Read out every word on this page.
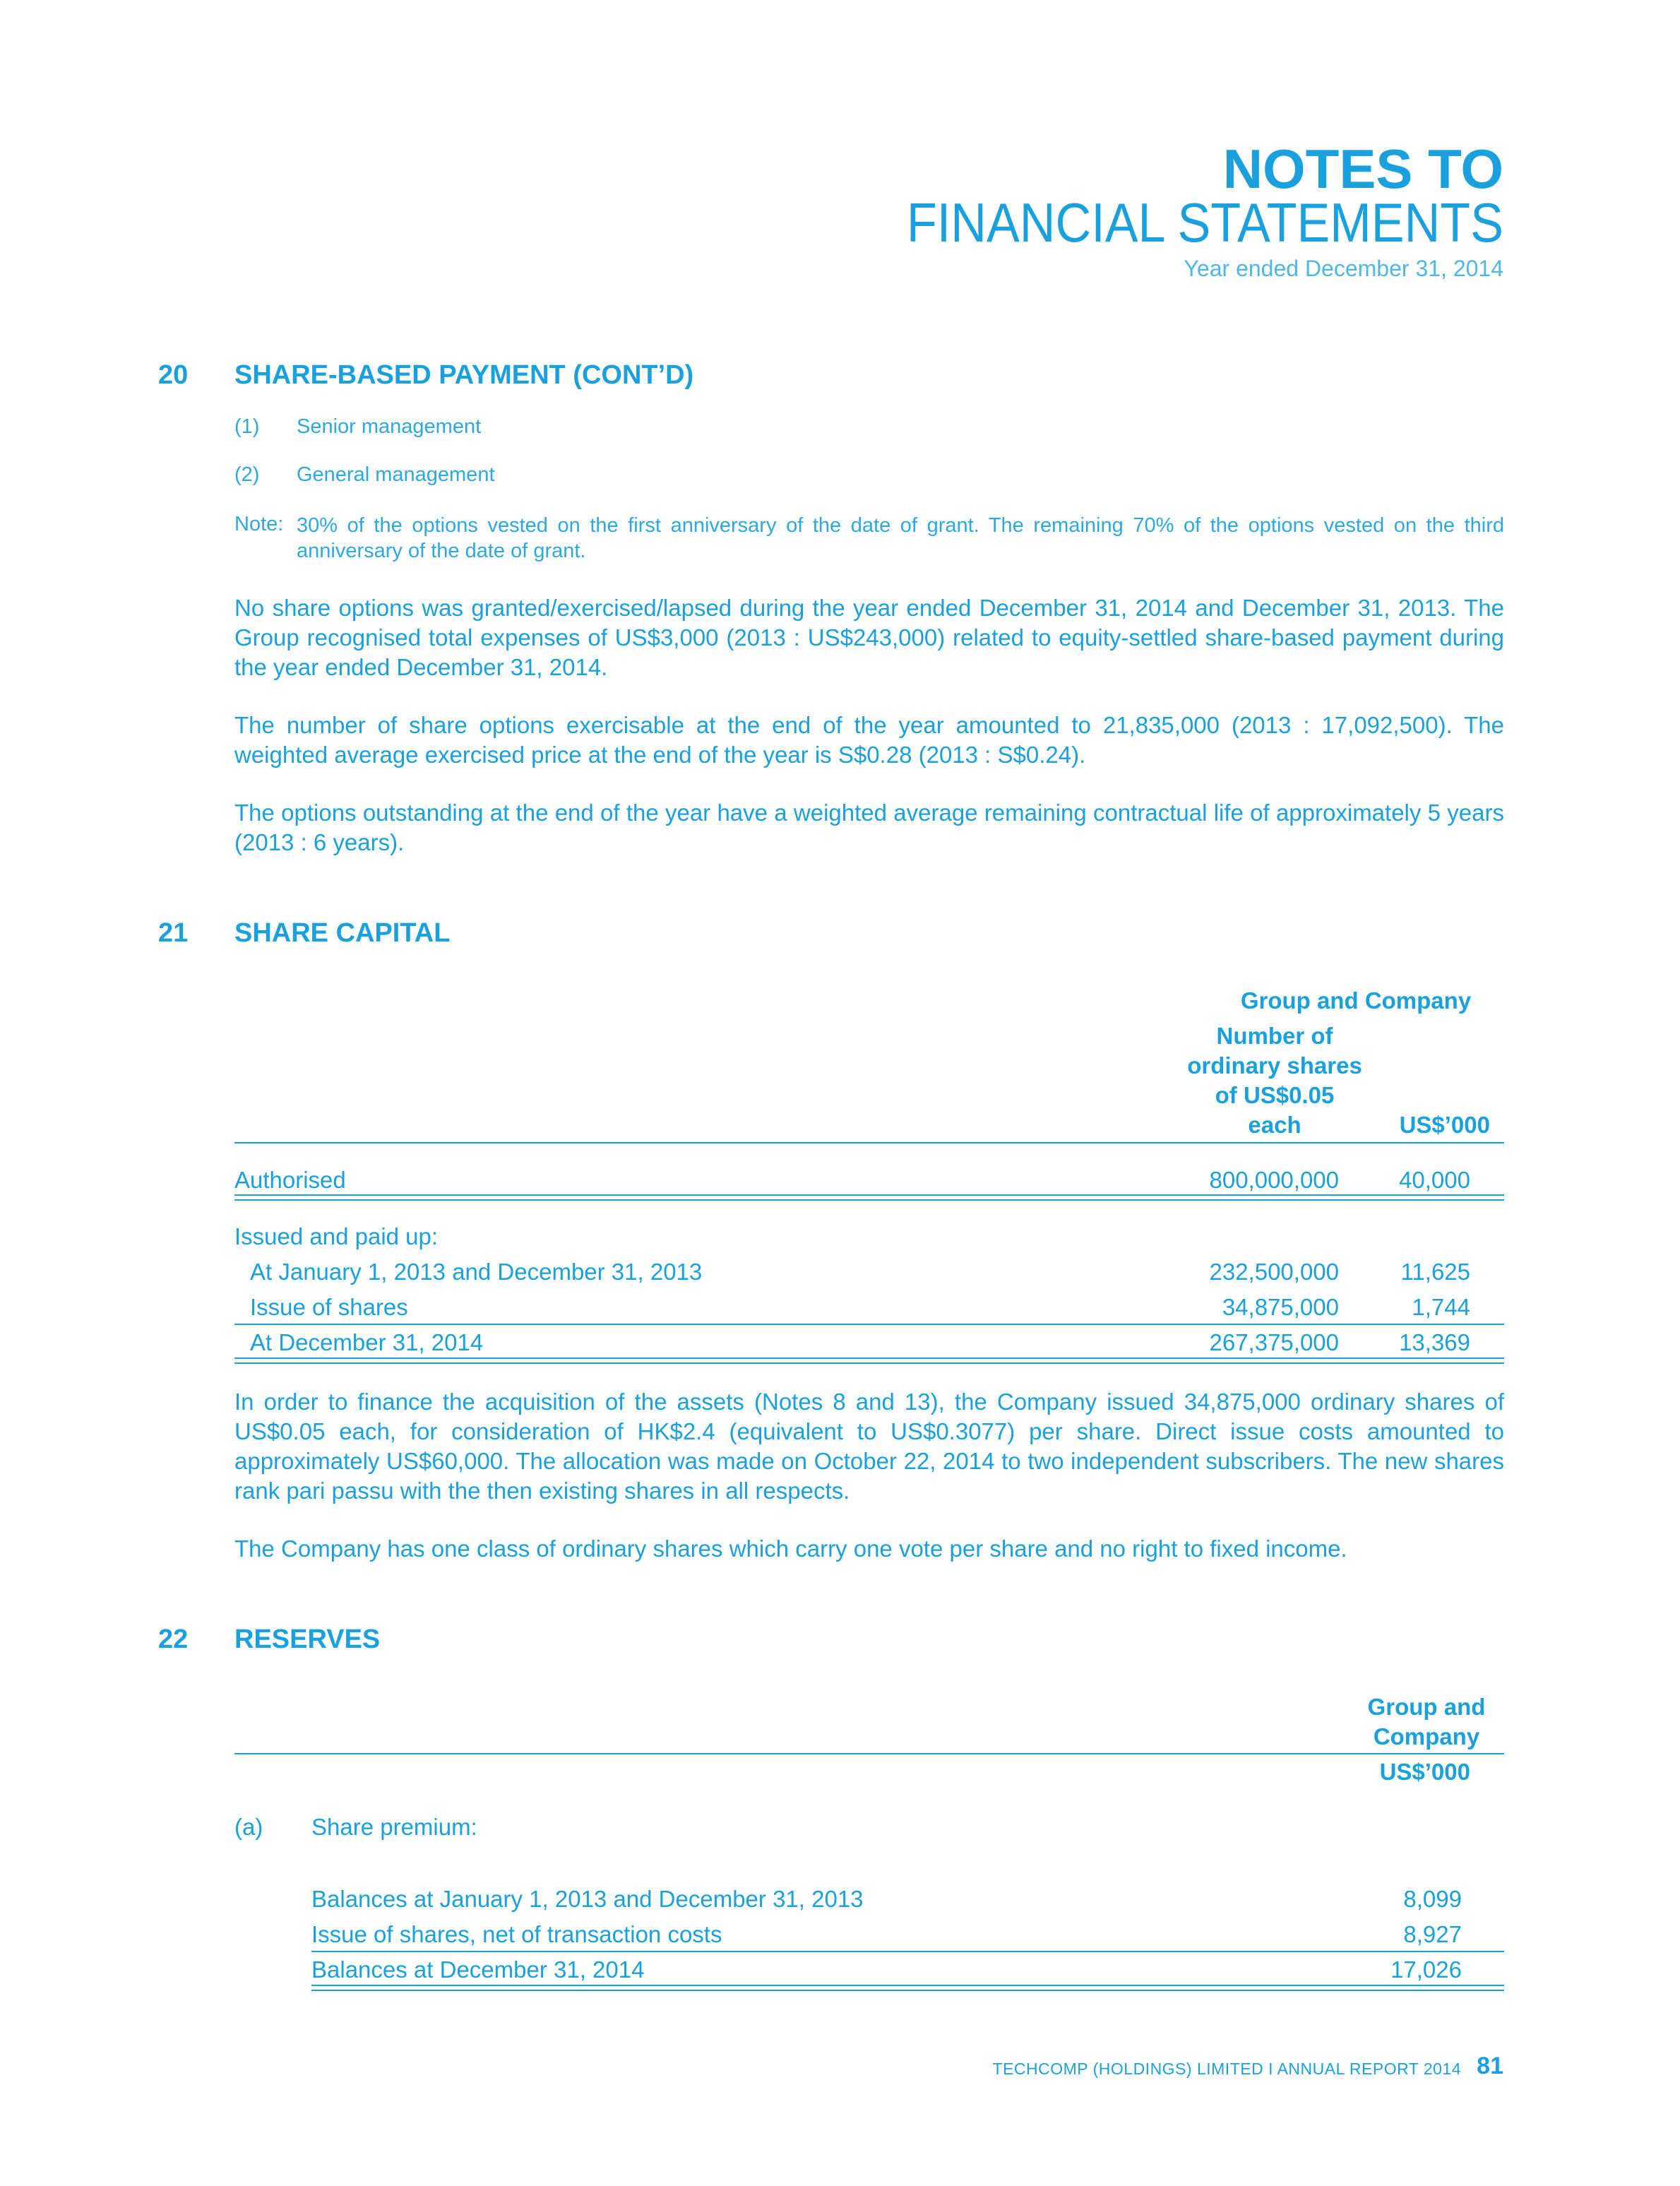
NOTES TO
FINANCIAL STATEMENTS
Year ended December 31, 2014
20 SHARE-BASED PAYMENT (CONT’D)
(1) Senior management
(2) General management
Note: 30% of the options vested on the first anniversary of the date of grant. The remaining 70% of the options vested on the third anniversary of the date of grant.
No share options was granted/exercised/lapsed during the year ended December 31, 2014 and December 31, 2013. The Group recognised total expenses of US$3,000 (2013 : US$243,000) related to equity-settled share-based payment during the year ended December 31, 2014.
The number of share options exercisable at the end of the year amounted to 21,835,000 (2013 : 17,092,500). The weighted average exercised price at the end of the year is S$0.28 (2013 : S$0.24).
The options outstanding at the end of the year have a weighted average remaining contractual life of approximately 5 years (2013 : 6 years).
21 SHARE CAPITAL
Group and Company
Number of ordinary shares of US$0.05 each	US$’000
Authorised	800,000,000	40,000
Issued and paid up:
At January 1, 2013 and December 31, 2013	232,500,000	11,625
Issue of shares	34,875,000	1,744
At December 31, 2014	267,375,000	13,369
In order to finance the acquisition of the assets (Notes 8 and 13), the Company issued 34,875,000 ordinary shares of US$0.05 each, for consideration of HK$2.4 (equivalent to US$0.3077) per share. Direct issue costs amounted to approximately US$60,000. The allocation was made on October 22, 2014 to two independent subscribers. The new shares rank pari passu with the then existing shares in all respects.
The Company has one class of ordinary shares which carry one vote per share and no right to fixed income.
22 RESERVES
Group and Company
US$’000
(a) Share premium:
Balances at January 1, 2013 and December 31, 2013	8,099
Issue of shares, net of transaction costs	8,927
Balances at December 31, 2014	17,026
TECHCOMP (HOLDINGS) LIMITED I ANNUAL REPORT 2014 81
